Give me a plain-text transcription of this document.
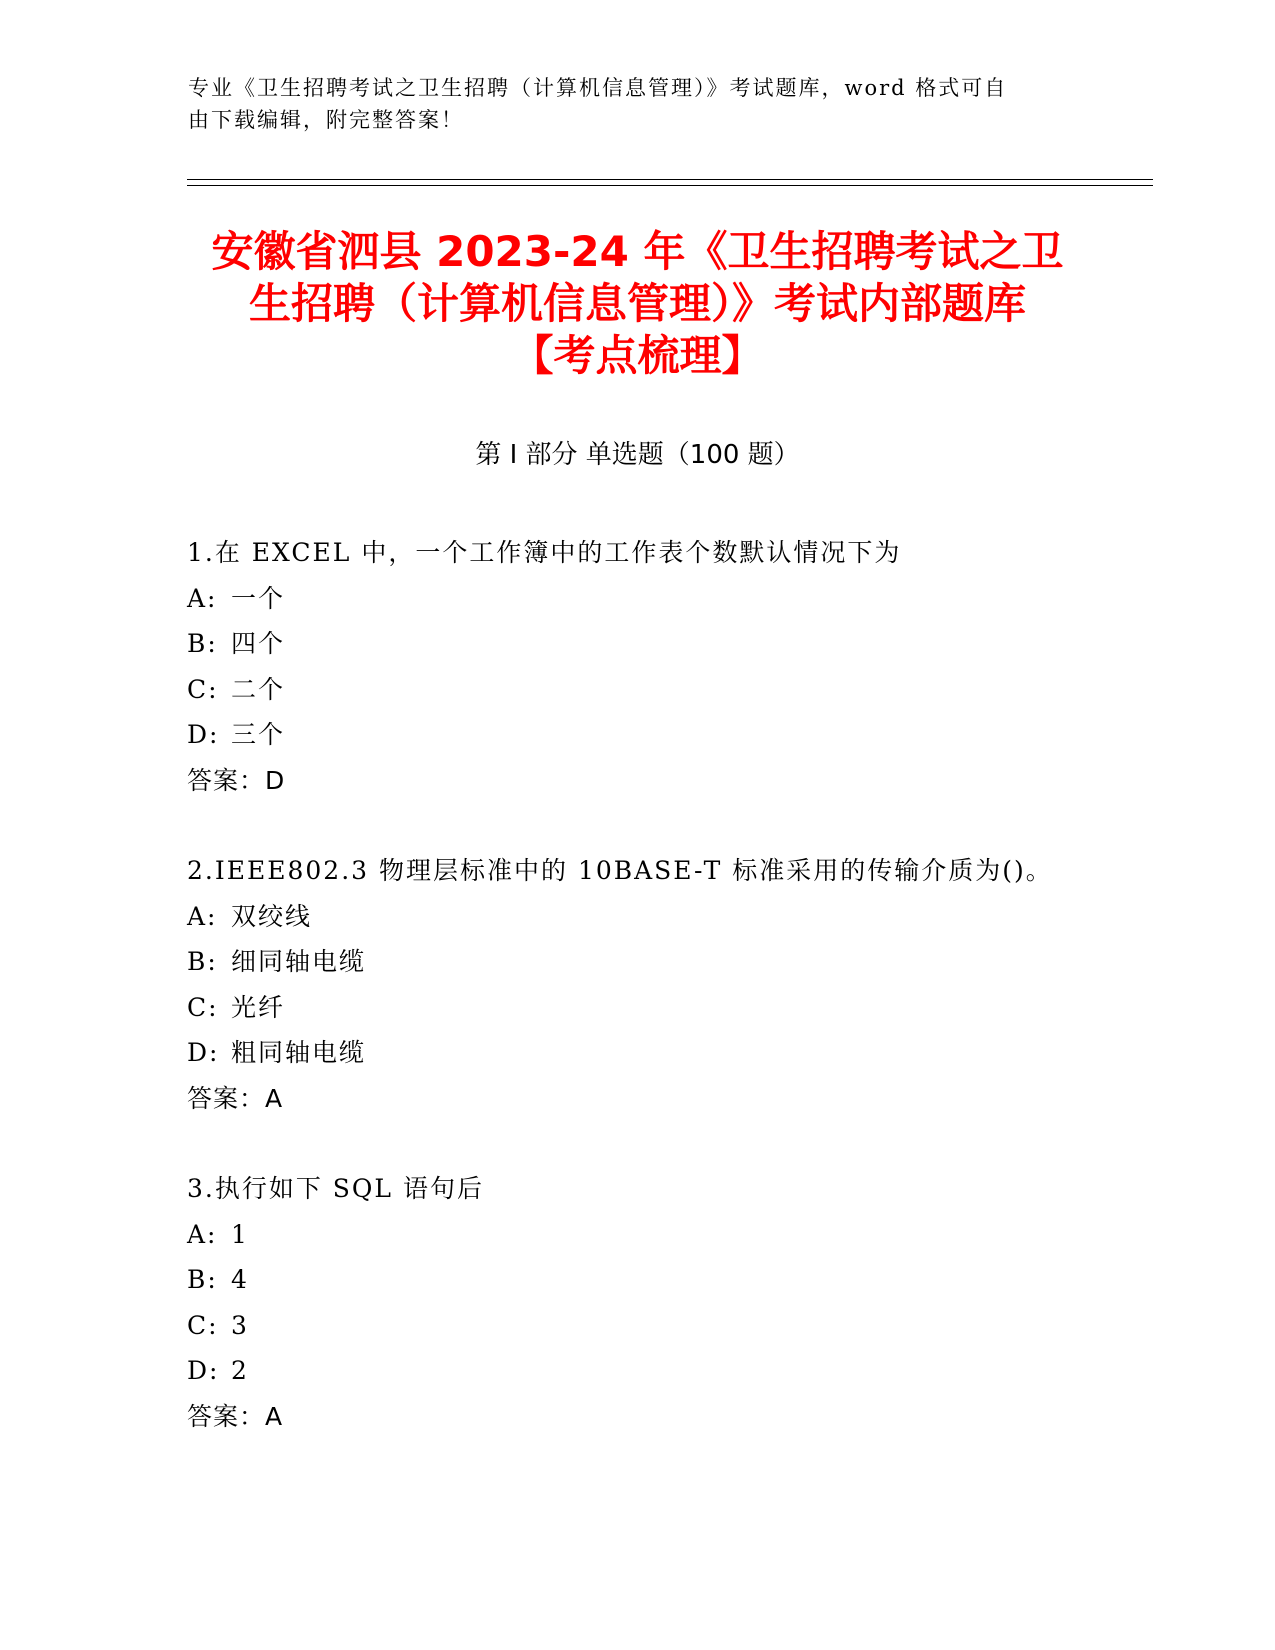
专业《卫生招聘考试之卫生招聘（计算机信息管理）》考试题库，word 格式可自
由下载编辑，附完整答案！
安徽省泗县 2023-24 年《卫生招聘考试之卫
生招聘（计算机信息管理）》考试内部题库
【考点梳理】
第 I 部分 单选题（100 题）
1.在 EXCEL 中，一个工作簿中的工作表个数默认情况下为
A: 一个
B: 四个
C: 二个
D: 三个
答案：D
2.IEEE802.3 物理层标准中的 10BASE-T 标准采用的传输介质为()。
A: 双绞线
B: 细同轴电缆
C: 光纤
D: 粗同轴电缆
答案：A
3.执行如下 SQL 语句后
A: 1
B: 4
C: 3
D: 2
答案：A
